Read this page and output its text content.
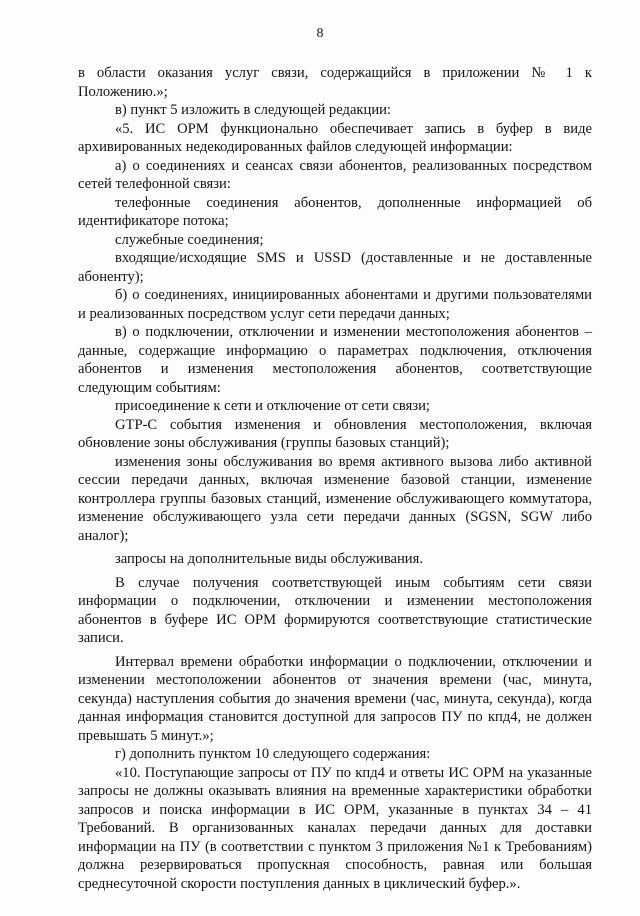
8

в области оказания услуг связи, содержащийся в приложении № 1 к Положению.»;

в) пункт 5 изложить в следующей редакции:

«5. ИС ОРМ функционально обеспечивает запись в буфер в виде архивированных недекодированных файлов следующей информации:

а) о соединениях и сеансах связи абонентов, реализованных посредством сетей телефонной связи:

телефонные соединения абонентов, дополненные информацией об идентификаторе потока;

служебные соединения;

входящие/исходящие SMS и USSD (доставленные и не доставленные абоненту);

б) о соединениях, инициированных абонентами и другими пользователями и реализованных посредством услуг сети передачи данных;

в) о подключении, отключении и изменении местоположения абонентов – данные, содержащие информацию о параметрах подключения, отключения абонентов и изменения местоположения абонентов, соответствующие следующим событиям:

присоединение к сети и отключение от сети связи;

GTP-C события изменения и обновления местоположения, включая обновление зоны обслуживания (группы базовых станций);

изменения зоны обслуживания во время активного вызова либо активной сессии передачи данных, включая изменение базовой станции, изменение контроллера группы базовых станций, изменение обслуживающего коммутатора, изменение обслуживающего узла сети передачи данных (SGSN, SGW либо аналог);

запросы на дополнительные виды обслуживания.

В случае получения соответствующей иным событиям сети связи информации о подключении, отключении и изменении местоположения абонентов в буфере ИС ОРМ формируются соответствующие статистические записи.

Интервал времени обработки информации о подключении, отключении и изменении местоположении абонентов от значения времени (час, минута, секунда) наступления события до значения времени (час, минута, секунда), когда данная информация становится доступной для запросов ПУ по кпд4, не должен превышать 5 минут.»;

г) дополнить пунктом 10 следующего содержания:

«10. Поступающие запросы от ПУ по кпд4 и ответы ИС ОРМ на указанные запросы не должны оказывать влияния на временные характеристики обработки запросов и поиска информации в ИС ОРМ, указанные в пунктах 34 – 41 Требований. В организованных каналах передачи данных для доставки информации на ПУ (в соответствии с пунктом 3 приложения №1 к Требованиям) должна резервироваться пропускная способность, равная или большая среднесуточной скорости поступления данных в циклический буфер.».
